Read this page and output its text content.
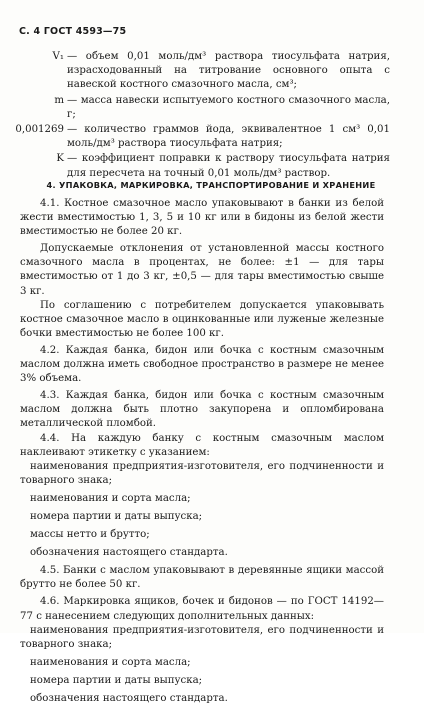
С. 4 ГОСТ 4593—75
V₁ — объем 0,01 моль/дм³ раствора тиосульфата натрия, израсходованный на титрование основного опыта с навеской костного смазочного масла, см³;
m — масса навески испытуемого костного смазочного масла, г;
0,001269 — количество граммов йода, эквивалентное 1 см³ 0,01 моль/дм³ раствора тиосульфата натрия;
K — коэффициент поправки к раствору тиосульфата натрия для пересчета на точный 0,01 моль/дм³ раствор.
4. УПАКОВКА, МАРКИРОВКА, ТРАНСПОРТИРОВАНИЕ И ХРАНЕНИЕ

4.1. Костное смазочное масло упаковывают в банки из белой жести вместимостью 1, 3, 5 и 10 кг или в бидоны из белой жести вместимостью не более 20 кг.

Допускаемые отклонения от установленной массы костного смазочного масла в процентах, не более: ±1 — для тары вместимостью от 1 до 3 кг, ±0,5 — для тары вместимостью свыше 3 кг.

По соглашению с потребителем допускается упаковывать костное смазочное масло в оцинкованные или луженые железные бочки вместимостью не более 100 кг.

4.2. Каждая банка, бидон или бочка с костным смазочным маслом должна иметь свободное пространство в размере не менее 3% объема.

4.3. Каждая банка, бидон или бочка с костным смазочным маслом должна быть плотно закупорена и опломбирована металлической пломбой.

4.4. На каждую банку с костным смазочным маслом наклеивают этикетку с указанием:

наименования предприятия-изготовителя, его подчиненности и товарного знака;

наименования и сорта масла;

номера партии и даты выпуска;

массы нетто и брутто;

обозначения настоящего стандарта.

4.5. Банки с маслом упаковывают в деревянные ящики массой брутто не более 50 кг.

4.6. Маркировка ящиков, бочек и бидонов — по ГОСТ 14192—77 с нанесением следующих дополнительных данных:

наименования предприятия-изготовителя, его подчиненности и товарного знака;

наименования и сорта масла;

номера партии и даты выпуска;

обозначения настоящего стандарта.
